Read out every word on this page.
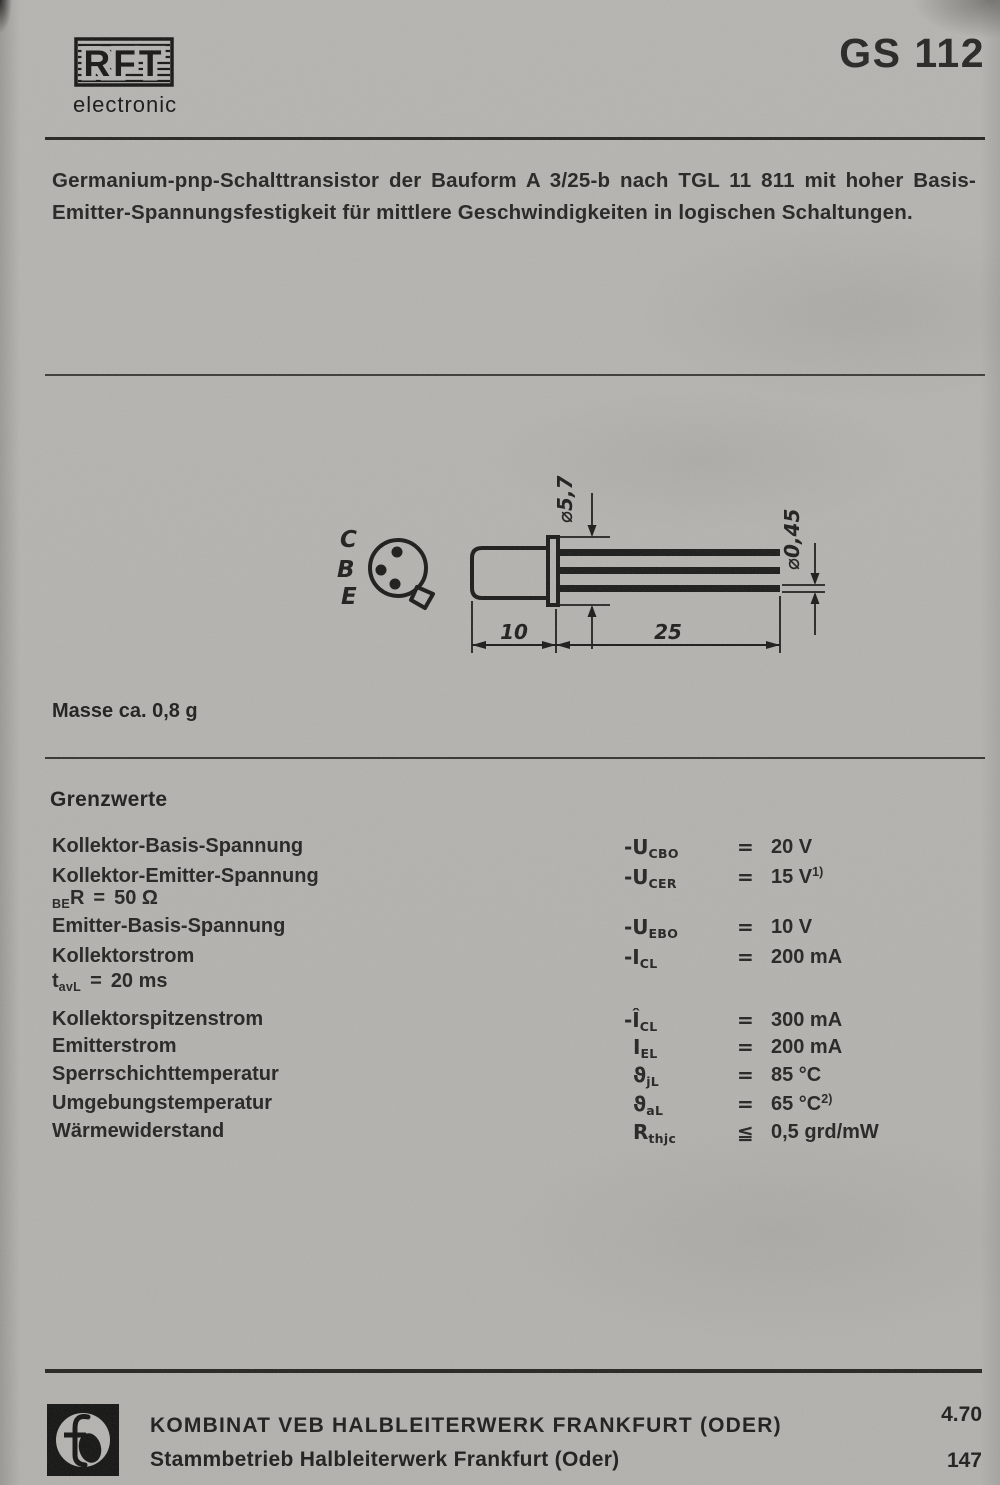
RFT
electronic
GS 112
Germanium-pnp-Schalttransistor der Bauform A 3/25-b nach TGL 11 811 mit hoher Basis-Emitter-Spannungsfestigkeit für mittlere Geschwindigkeiten in logischen Schaltungen.
C
B
E
⌀5,7
⌀0,45
10	25
Masse ca. 0,8 g
Grenzwerte
Kollektor-Basis-Spannung	$-U_{CBO}$	= 20 V
Kollektor-Emitter-Spannung	$-U_{CER}$	= 15 $V^{1)}$
$_{BE}$R = 50 Ω
Emitter-Basis-Spannung	$-U_{EBO}$	= 10 V
Kollektorstrom	$-I_{CL}$	= 200 mA
$t_{avL} = 20$ ms
Kollektorspitzenstrom	$-Î_{CL}$	= 300 mA
Emitterstrom	$I_{EL}$	= 200 mA
Sperrschichttemperatur	$ϑ_{jL}$	= 85 °C
Umgebungstemperatur	$ϑ_{aL}$	= 65 $^\circ C^{2)}$
Wärmewiderstand	$R_{thjc}$	≦ 0,5 grd/mW
KOMBINAT VEB HALBLEITERWERK FRANKFURT (ODER)
Stammbetrieb Halbleiterwerk Frankfurt (Oder)
4.70
147
